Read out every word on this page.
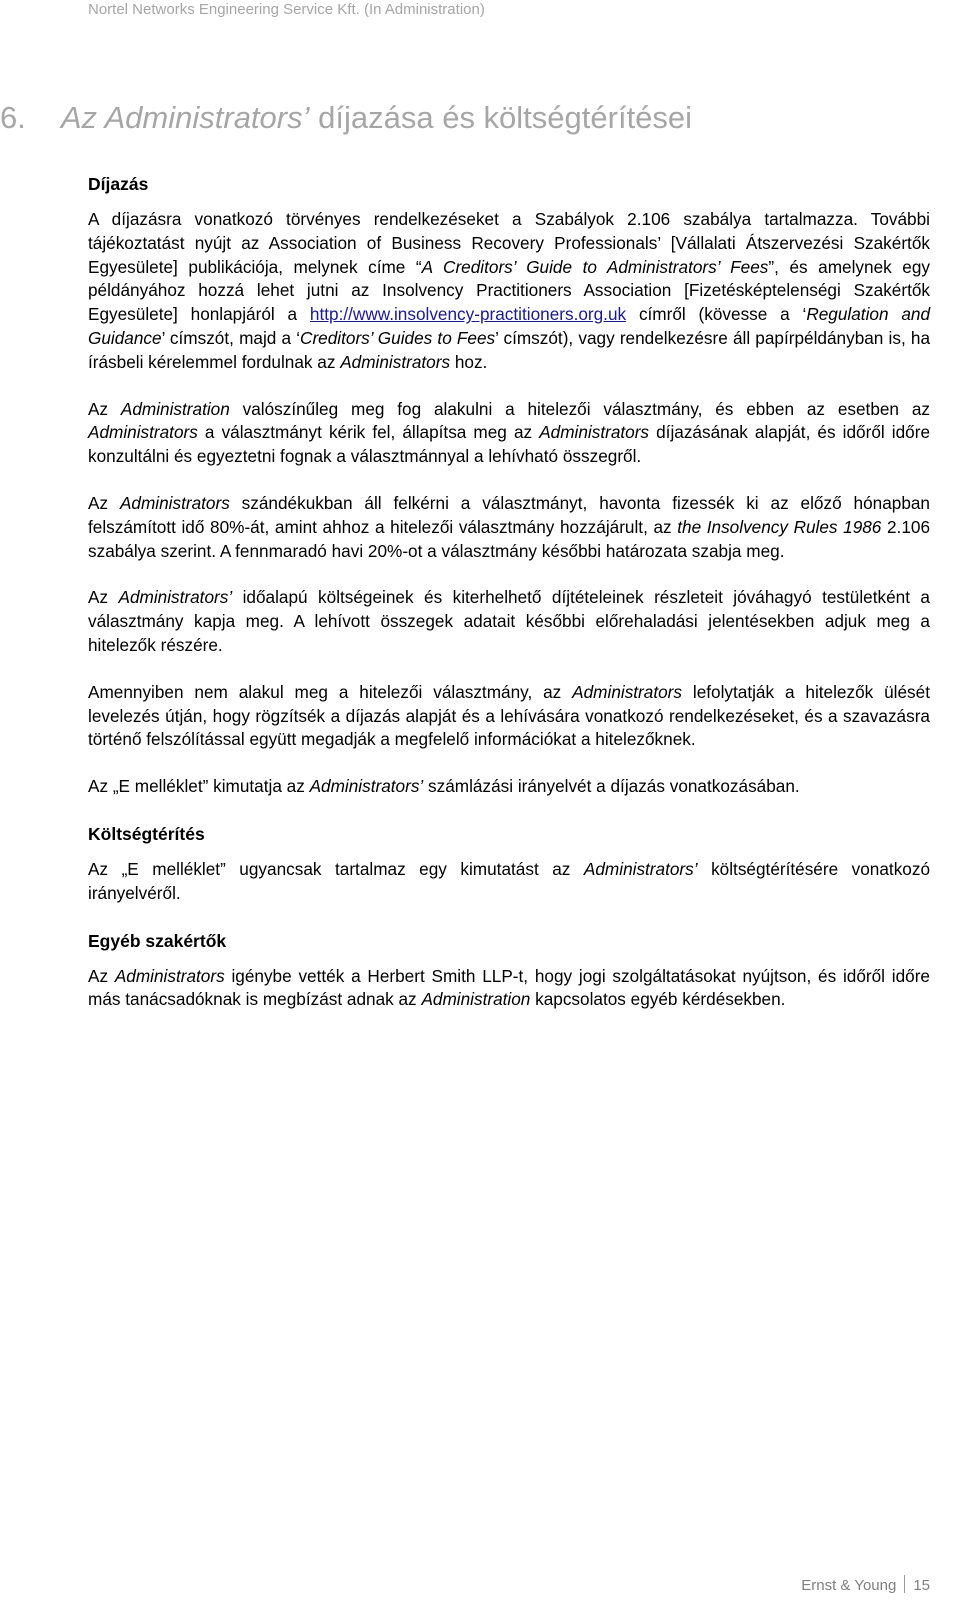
Nortel Networks Engineering Service Kft. (In Administration)
6. Az Administrators’ díjazása és költségtérítései
Díjazás

A díjazásra vonatkozó törvényes rendelkezéseket a Szabályok 2.106 szabálya tartalmazza. További tájékoztatást nyújt az Association of Business Recovery Professionals’ [Vállalati Átszervezési Szakértők Egyesülete] publikációja, melynek címe “A Creditors’ Guide to Administrators’ Fees”, és amelynek egy példányához hozzá lehet jutni az Insolvency Practitioners Association [Fizetésképtelenségi Szakértők Egyesülete] honlapjáról a http://www.insolvency-practitioners.org.uk címről (kövesse a ‘Regulation and Guidance’ címszót, majd a ‘Creditors’ Guides to Fees’ címszót), vagy rendelkezésre áll papírpéldányban is, ha írásbeli kérelemmel fordulnak az Administrators hoz.

Az Administration valószínűleg meg fog alakulni a hitelezői választmány, és ebben az esetben az Administrators a választmányt kérik fel, állapítsa meg az Administrators díjazásának alapját, és időről időre konzultálni és egyeztetni fognak a választmánnyal a lehívható összegről.

Az Administrators szándékukban áll felkérni a választmányt, havonta fizessék ki az előző hónapban felszámított idő 80%-át, amint ahhoz a hitelezői választmány hozzájárult, az the Insolvency Rules 1986 2.106 szabálya szerint. A fennmaradó havi 20%-ot a választmány későbbi határozata szabja meg.

Az Administrators’ időalapú költségeinek és kiterhelhető díjtételeinek részleteit jóváhagyó testületként a választmány kapja meg. A lehívott összegek adatait későbbi előrehaladási jelentésekben adjuk meg a hitelezők részére.

Amennyiben nem alakul meg a hitelezői választmány, az Administrators lefolytatják a hitelezők ülését levelezés útján, hogy rögzítsék a díjazás alapját és a lehívására vonatkozó rendelkezéseket, és a szavazásra történő felszólítással együtt megadják a megfelelő információkat a hitelezőknek.

Az „E melléklet” kimutatja az Administrators’ számlázási irányelvét a díjazás vonatkozásában.

Költségtérítés

Az „E melléklet” ugyancsak tartalmaz egy kimutatást az Administrators’ költségtérítésére vonatkozó irányelvéről.

Egyéb szakértők

Az Administrators igénybe vették a Herbert Smith LLP-t, hogy jogi szolgáltatásokat nyújtson, és időről időre más tanácsadóknak is megbízást adnak az Administration kapcsolatos egyéb kérdésekben.

Ernst & Young 15
